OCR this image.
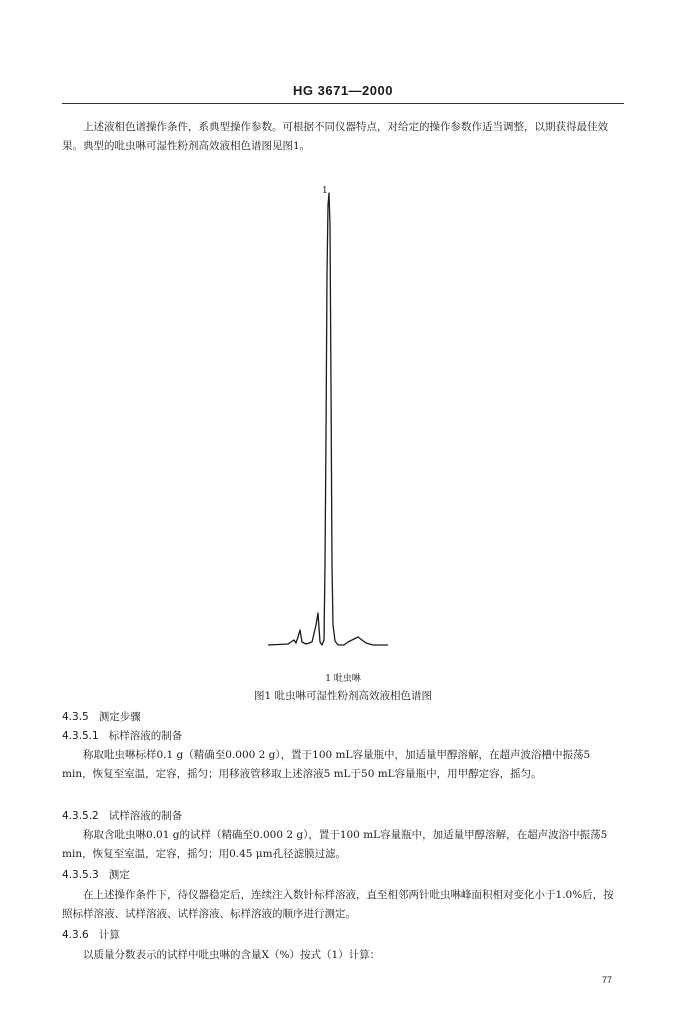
HG 3671—2000
上述液相色谱操作条件，系典型操作参数。可根据不同仪器特点，对给定的操作参数作适当调整，以期获得最佳效果。典型的吡虫啉可湿性粉剂高效液相色谱图见图1。
1
1 吡虫啉
图1 吡虫啉可湿性粉剂高效液相色谱图
4.3.5 测定步骤
4.3.5.1 标样溶液的制备
称取吡虫啉标样0.1 g（精确至0.000 2 g），置于100 mL容量瓶中，加适量甲醇溶解，在超声波浴槽中振荡5 min，恢复至室温，定容，摇匀；用移液管移取上述溶液5 mL于50 mL容量瓶中，用甲醇定容，摇匀。
4.3.5.2 试样溶液的制备
称取含吡虫啉0.01 g的试样（精确至0.000 2 g），置于100 mL容量瓶中，加适量甲醇溶解，在超声波浴中振荡5 min，恢复至室温，定容，摇匀；用0.45 μm孔径滤膜过滤。
4.3.5.3 测定
在上述操作条件下，待仪器稳定后，连续注入数针标样溶液，直至相邻两针吡虫啉峰面积相对变化小于1.0%后，按照标样溶液、试样溶液、试样溶液、标样溶液的顺序进行测定。
4.3.6 计算
以质量分数表示的试样中吡虫啉的含量X（%）按式（1）计算：
77
